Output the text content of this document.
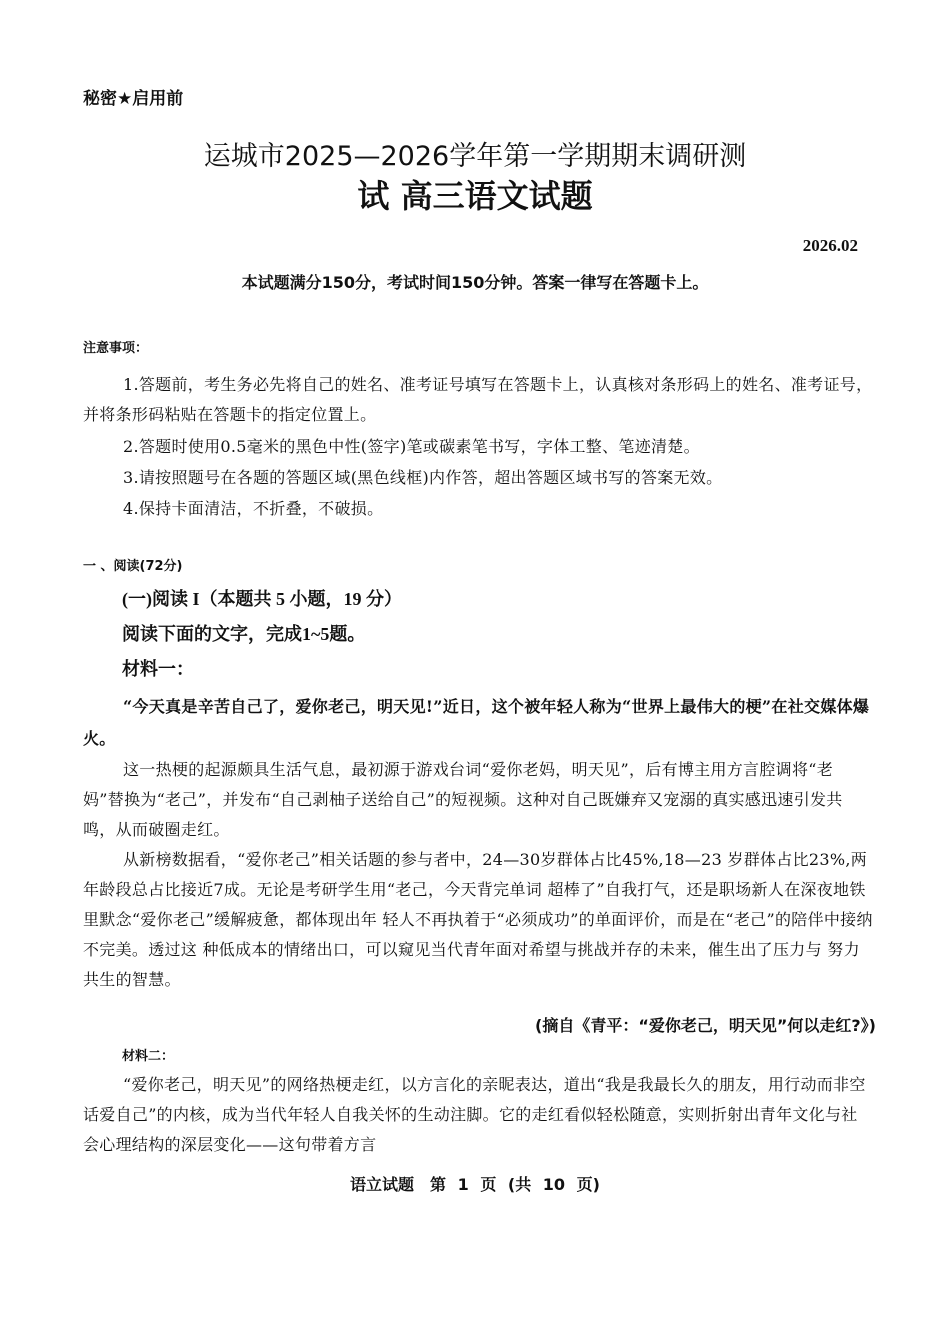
秘密★启用前
运城市2025—2026学年第一学期期末调研测
试 高三语文试题
2026.02
本试题满分150分，考试时间150分钟。答案一律写在答题卡上。
注意事项：
1.答题前，考生务必先将自己的姓名、准考证号填写在答题卡上，认真核对条形码上的姓名、准考证号，并将条形码粘贴在答题卡的指定位置上。
2.答题时使用0.5毫米的黑色中性(签字)笔或碳素笔书写，字体工整、笔迹清楚。
3.请按照题号在各题的答题区域(黑色线框)内作答，超出答题区域书写的答案无效。
4.保持卡面清洁，不折叠，不破损。
一 、阅读(72分)
(一)阅读 I（本题共 5 小题，19 分）
阅读下面的文字，完成1~5题。
材料一：
“今天真是辛苦自己了，爱你老己，明天见!”近日，这个被年轻人称为“世界上最伟大的梗”在社交媒体爆火。
这一热梗的起源颇具生活气息，最初源于游戏台词“爱你老妈，明天见”，后有博主用方言腔调将“老妈”替换为“老己”，并发布“自己剥柚子送给自己”的短视频。这种对自己既嫌弃又宠溺的真实感迅速引发共鸣，从而破圈走红。
从新榜数据看，“爱你老己”相关话题的参与者中，24—30岁群体占比45%,18—23 岁群体占比23%,两年龄段总占比接近7成。无论是考研学生用“老己，今天背完单词 超棒了”自我打气，还是职场新人在深夜地铁里默念“爱你老己”缓解疲惫，都体现出年 轻人不再执着于“必须成功”的单面评价，而是在“老己”的陪伴中接纳不完美。透过这 种低成本的情绪出口，可以窥见当代青年面对希望与挑战并存的未来，催生出了压力与 努力共生的智慧。
(摘自《青平：“爱你老己，明天见”何以走红?》)
材料二：
“爱你老己，明天见”的网络热梗走红，以方言化的亲昵表达，道出“我是我最长久的朋友，用行动而非空话爱自己”的内核，成为当代年轻人自我关怀的生动注脚。它的走红看似轻松随意，实则折射出青年文化与社会心理结构的深层变化——这句带着方言
语立试题　第 1 页 (共 10 页)
